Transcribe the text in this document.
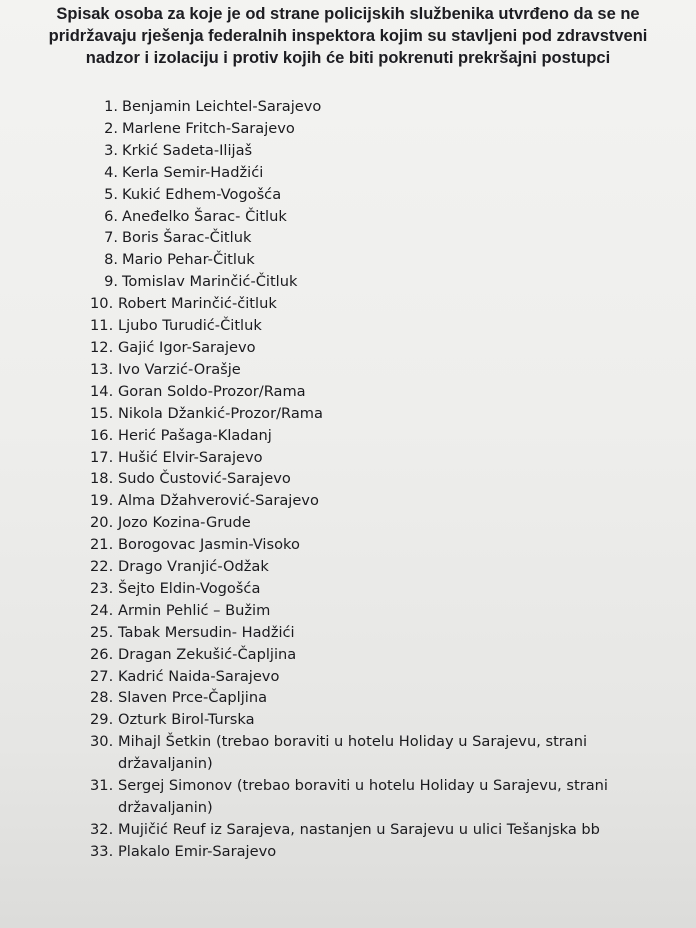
Spisak osoba za koje je od strane policijskih službenika utvrđeno da se ne
pridržavaju rješenja federalnih inspektora kojim su stavljeni pod zdravstveni
nadzor i izolaciju i protiv kojih će biti pokrenuti prekršajni postupci
1. Benjamin Leichtel-Sarajevo
2. Marlene Fritch-Sarajevo
3. Krkić Sadeta-Ilijaš
4. Kerla Semir-Hadžići
5. Kukić Edhem-Vogošća
6. Aneđelko Šarac- Čitluk
7. Boris Šarac-Čitluk
8. Mario Pehar-Čitluk
9. Tomislav Marinčić-Čitluk
10. Robert Marinčić-čitluk
11. Ljubo Turudić-Čitluk
12. Gajić Igor-Sarajevo
13. Ivo Varzić-Orašje
14. Goran Soldo-Prozor/Rama
15. Nikola Džankić-Prozor/Rama
16. Herić Pašaga-Kladanj
17. Hušić Elvir-Sarajevo
18. Sudo Čustović-Sarajevo
19. Alma Džahverović-Sarajevo
20. Jozo Kozina-Grude
21. Borogovac Jasmin-Visoko
22. Drago Vranjić-Odžak
23. Šejto Eldin-Vogošća
24. Armin Pehlić – Bužim
25. Tabak Mersudin- Hadžići
26. Dragan Zekušić-Čapljina
27. Kadrić Naida-Sarajevo
28. Slaven Prce-Čapljina
29. Ozturk Birol-Turska
30. Mihajl Šetkin (trebao boraviti u hotelu Holiday u Sarajevu, strani
državaljanin)
31. Sergej Simonov (trebao boraviti u hotelu Holiday u Sarajevu, strani
državaljanin)
32. Mujičić Reuf iz Sarajeva, nastanjen u Sarajevu u ulici Tešanjska bb
33. Plakalo Emir-Sarajevo
